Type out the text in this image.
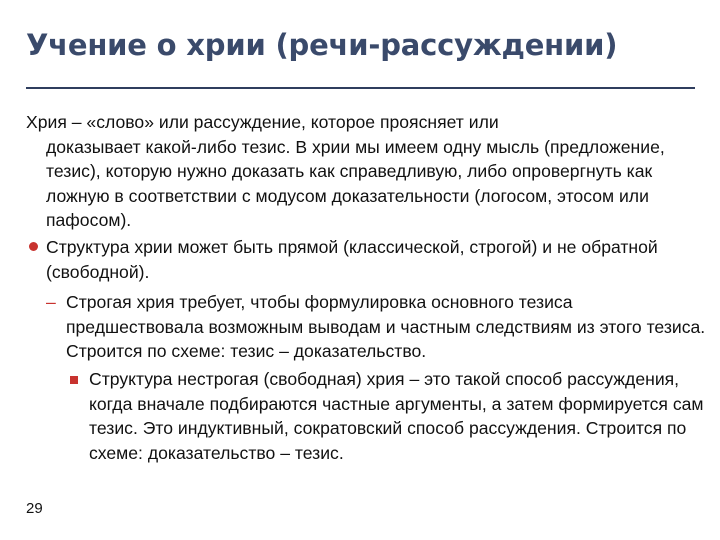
Учение о хрии (речи-рассуждении)
Хрия – «слово» или рассуждение, которое проясняет или
доказывает какой-либо тезис. В хрии мы имеем одну мысль (предложение, тезис), которую нужно доказать как справедливую, либо опровергнуть как ложную в соответствии с модусом доказательности (логосом, этосом или пафосом).
Структура хрии может быть прямой (классической, строгой) и не обратной (свободной).
– Строгая хрия требует, чтобы формулировка основного тезиса предшествовала возможным выводам и частным следствиям из этого тезиса. Строится по схеме: тезис – доказательство.
Структура нестрогая (свободная) хрия – это такой способ рассуждения, когда вначале подбираются частные аргументы, а затем формируется сам тезис. Это индуктивный, сократовский способ рассуждения. Строится по схеме: доказательство – тезис.
29
